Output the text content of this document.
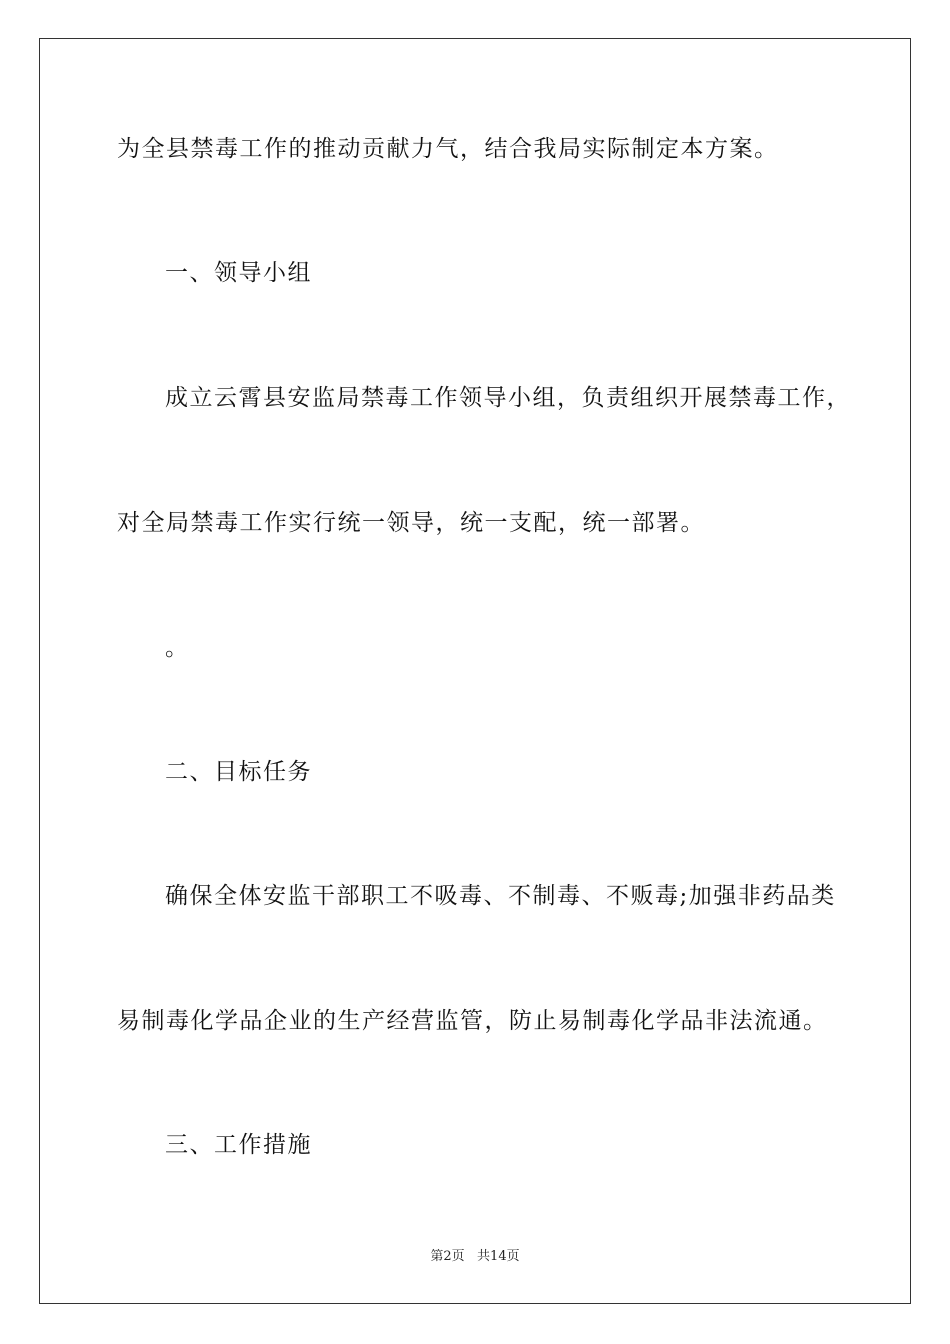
为全县禁毒工作的推动贡献力气，结合我局实际制定本方案。
一、领导小组
成立云霄县安监局禁毒工作领导小组，负责组织开展禁毒工作，
对全局禁毒工作实行统一领导，统一支配，统一部署。
。
二、目标任务
确保全体安监干部职工不吸毒、不制毒、不贩毒;加强非药品类
易制毒化学品企业的生产经营监管，防止易制毒化学品非法流通。
三、工作措施
第2页   共14页
